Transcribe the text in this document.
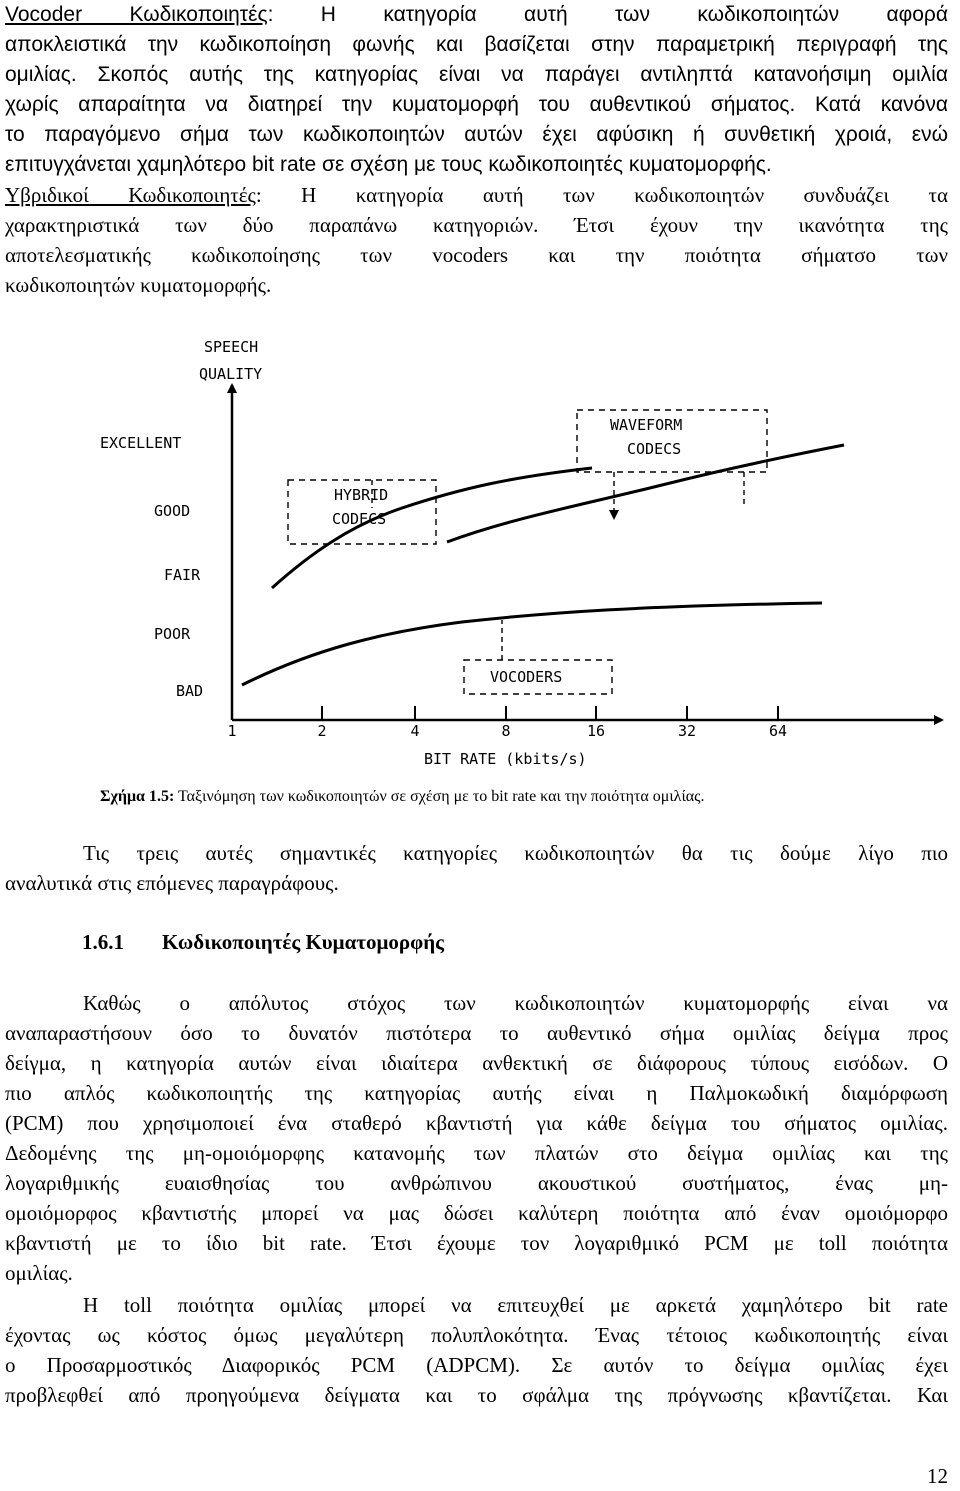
Vocoder Κωδικοποιητές: Η κατηγορία αυτή των κωδικοποιητών αφορά
αποκλειστικά την κωδικοποίηση φωνής και βασίζεται στην παραμετρική περιγραφή της
ομιλίας. Σκοπός αυτής της κατηγορίας είναι να παράγει αντιληπτά κατανοήσιμη ομιλία
χωρίς απαραίτητα να διατηρεί την κυματομορφή του αυθεντικού σήματος. Κατά κανόνα
το παραγόμενο σήμα των κωδικοποιητών αυτών έχει αφύσικη ή συνθετική χροιά, ενώ
επιτυγχάνεται χαμηλότερο bit rate σε σχέση με τους κωδικοποιητές κυματομορφής.
Υβριδικοί Κωδικοποιητές: Η κατηγορία αυτή των κωδικοποιητών συνδυάζει τα
χαρακτηριστικά των δύο παραπάνω κατηγοριών. Έτσι έχουν την ικανότητα της
αποτελεσματικής κωδικοποίησης των vocoders και την ποιότητα σήματσο των
κωδικοποιητών κυματομορφής.
SPEECH
QUALITY
EXCELLENT
GOOD
FAIR
POOR
BAD
1	2	4	8	16	32	64
BIT RATE (kbits/s)
WAVEFORM
CODECS
HYBRID
CODECS
VOCODERS
Σχήμα 1.5: Ταξινόμηση των κωδικοποιητών σε σχέση με το bit rate και την ποιότητα ομιλίας.
Τις τρεις αυτές σημαντικές κατηγορίες κωδικοποιητών θα τις δούμε λίγο πιο
αναλυτικά στις επόμενες παραγράφους.
1.6.1 Κωδικοποιητές Κυματομορφής
Καθώς ο απόλυτος στόχος των κωδικοποιητών κυματομορφής είναι να
αναπαραστήσουν όσο το δυνατόν πιστότερα το αυθεντικό σήμα ομιλίας δείγμα προς
δείγμα, η κατηγορία αυτών είναι ιδιαίτερα ανθεκτική σε διάφορους τύπους εισόδων. Ο
πιο απλός κωδικοποιητής της κατηγορίας αυτής είναι η Παλμοκωδική διαμόρφωση
(PCM) που χρησιμοποιεί ένα σταθερό κβαντιστή για κάθε δείγμα του σήματος ομιλίας.
Δεδομένης της μη-ομοιόμορφης κατανομής των πλατών στο δείγμα ομιλίας και της
λογαριθμικής ευαισθησίας του ανθρώπινου ακουστικού συστήματος, ένας μη-
ομοιόμορφος κβαντιστής μπορεί να μας δώσει καλύτερη ποιότητα από έναν ομοιόμορφο
κβαντιστή με το ίδιο bit rate. Έτσι έχουμε τον λογαριθμικό PCM με toll ποιότητα
ομιλίας.
Η toll ποιότητα ομιλίας μπορεί να επιτευχθεί με αρκετά χαμηλότερο bit rate
έχοντας ως κόστος όμως μεγαλύτερη πολυπλοκότητα. Ένας τέτοιος κωδικοποιητής είναι
ο Προσαρμοστικός Διαφορικός PCM (ADPCM). Σε αυτόν το δείγμα ομιλίας έχει
προβλεφθεί από προηγούμενα δείγματα και το σφάλμα της πρόγνωσης κβαντίζεται. Και
12
